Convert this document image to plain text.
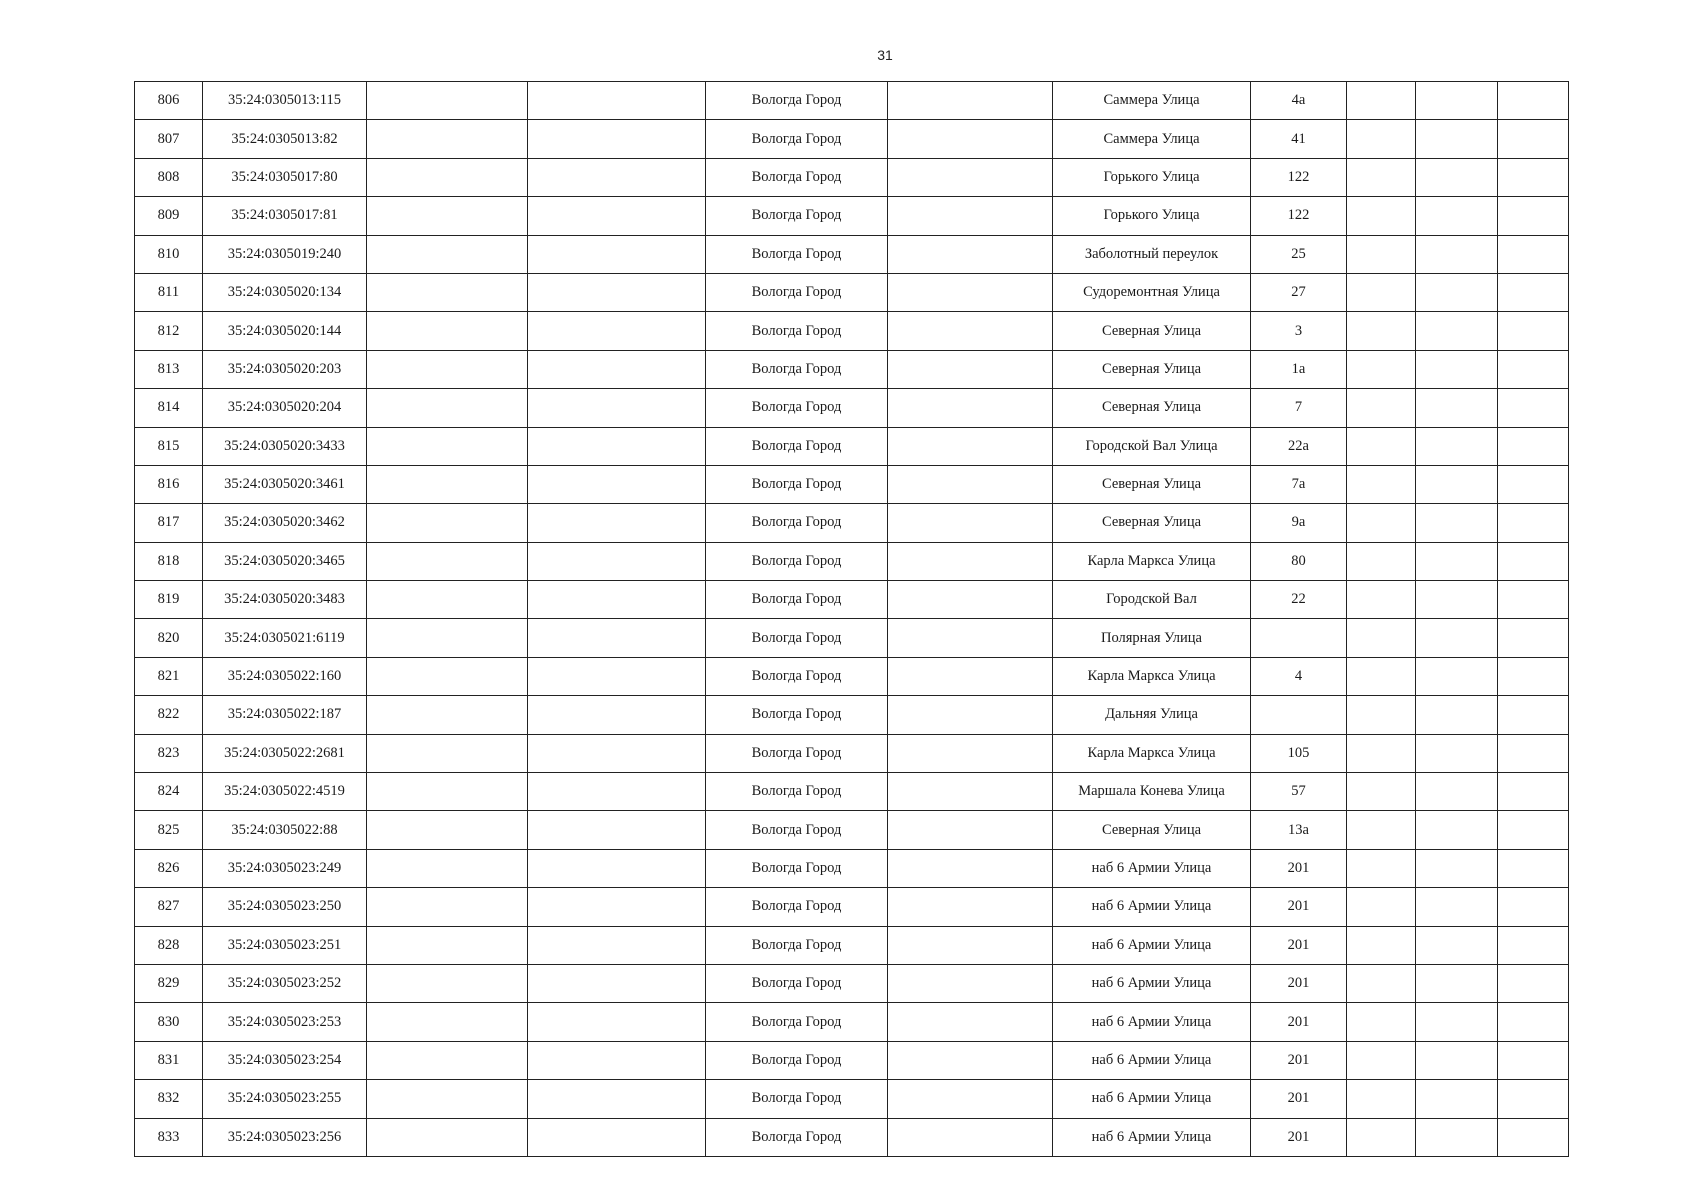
31
806	35:24:0305013:115			Вологда Город		Саммера Улица	4а			
807	35:24:0305013:82			Вологда Город		Саммера Улица	41			
808	35:24:0305017:80			Вологда Город		Горького Улица	122			
809	35:24:0305017:81			Вологда Город		Горького Улица	122			
810	35:24:0305019:240			Вологда Город		Заболотный переулок	25			
811	35:24:0305020:134			Вологда Город		Судоремонтная Улица	27			
812	35:24:0305020:144			Вологда Город		Северная Улица	3			
813	35:24:0305020:203			Вологда Город		Северная Улица	1а			
814	35:24:0305020:204			Вологда Город		Северная Улица	7			
815	35:24:0305020:3433			Вологда Город		Городской Вал Улица	22а			
816	35:24:0305020:3461			Вологда Город		Северная Улица	7а			
817	35:24:0305020:3462			Вологда Город		Северная Улица	9а			
818	35:24:0305020:3465			Вологда Город		Карла Маркса Улица	80			
819	35:24:0305020:3483			Вологда Город		Городской Вал	22			
820	35:24:0305021:6119			Вологда Город		Полярная Улица				
821	35:24:0305022:160			Вологда Город		Карла Маркса Улица	4			
822	35:24:0305022:187			Вологда Город		Дальняя Улица				
823	35:24:0305022:2681			Вологда Город		Карла Маркса Улица	105			
824	35:24:0305022:4519			Вологда Город		Маршала Конева Улица	57			
825	35:24:0305022:88			Вологда Город		Северная Улица	13а			
826	35:24:0305023:249			Вологда Город		наб 6 Армии Улица	201			
827	35:24:0305023:250			Вологда Город		наб 6 Армии Улица	201			
828	35:24:0305023:251			Вологда Город		наб 6 Армии Улица	201			
829	35:24:0305023:252			Вологда Город		наб 6 Армии Улица	201			
830	35:24:0305023:253			Вологда Город		наб 6 Армии Улица	201			
831	35:24:0305023:254			Вологда Город		наб 6 Армии Улица	201			
832	35:24:0305023:255			Вологда Город		наб 6 Армии Улица	201			
833	35:24:0305023:256			Вологда Город		наб 6 Армии Улица	201			
